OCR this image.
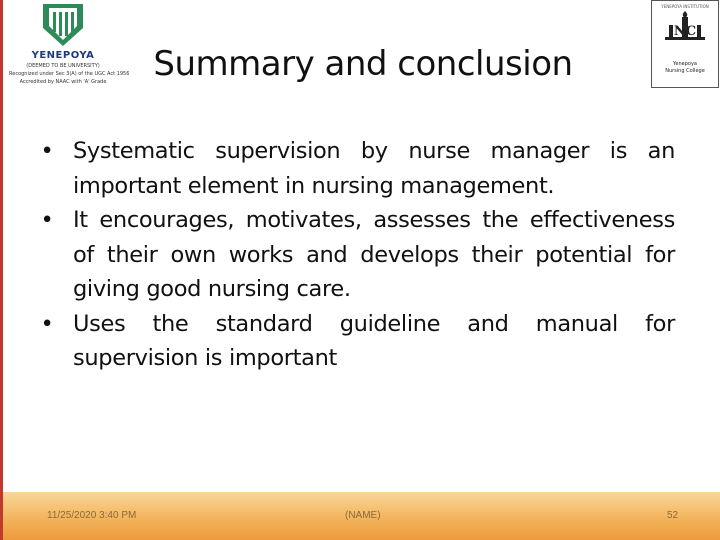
YENEPOYA
(DEEMED TO BE UNIVERSITY)
Recognized under Sec 3(A) of the UGC Act 1956
Accredited by NAAC with 'A' Grade
YENEPOYA INSTITUTION
NC
Yenepoya
Nursing College
Summary and conclusion
• Systematic supervision by nurse manager is an important element in nursing management.
• It encourages, motivates, assesses the effectiveness of their own works and develops their potential for giving good nursing care.
• Uses the standard guideline and manual for supervision is important
11/25/2020 3:40 PM	(NAME)	52
